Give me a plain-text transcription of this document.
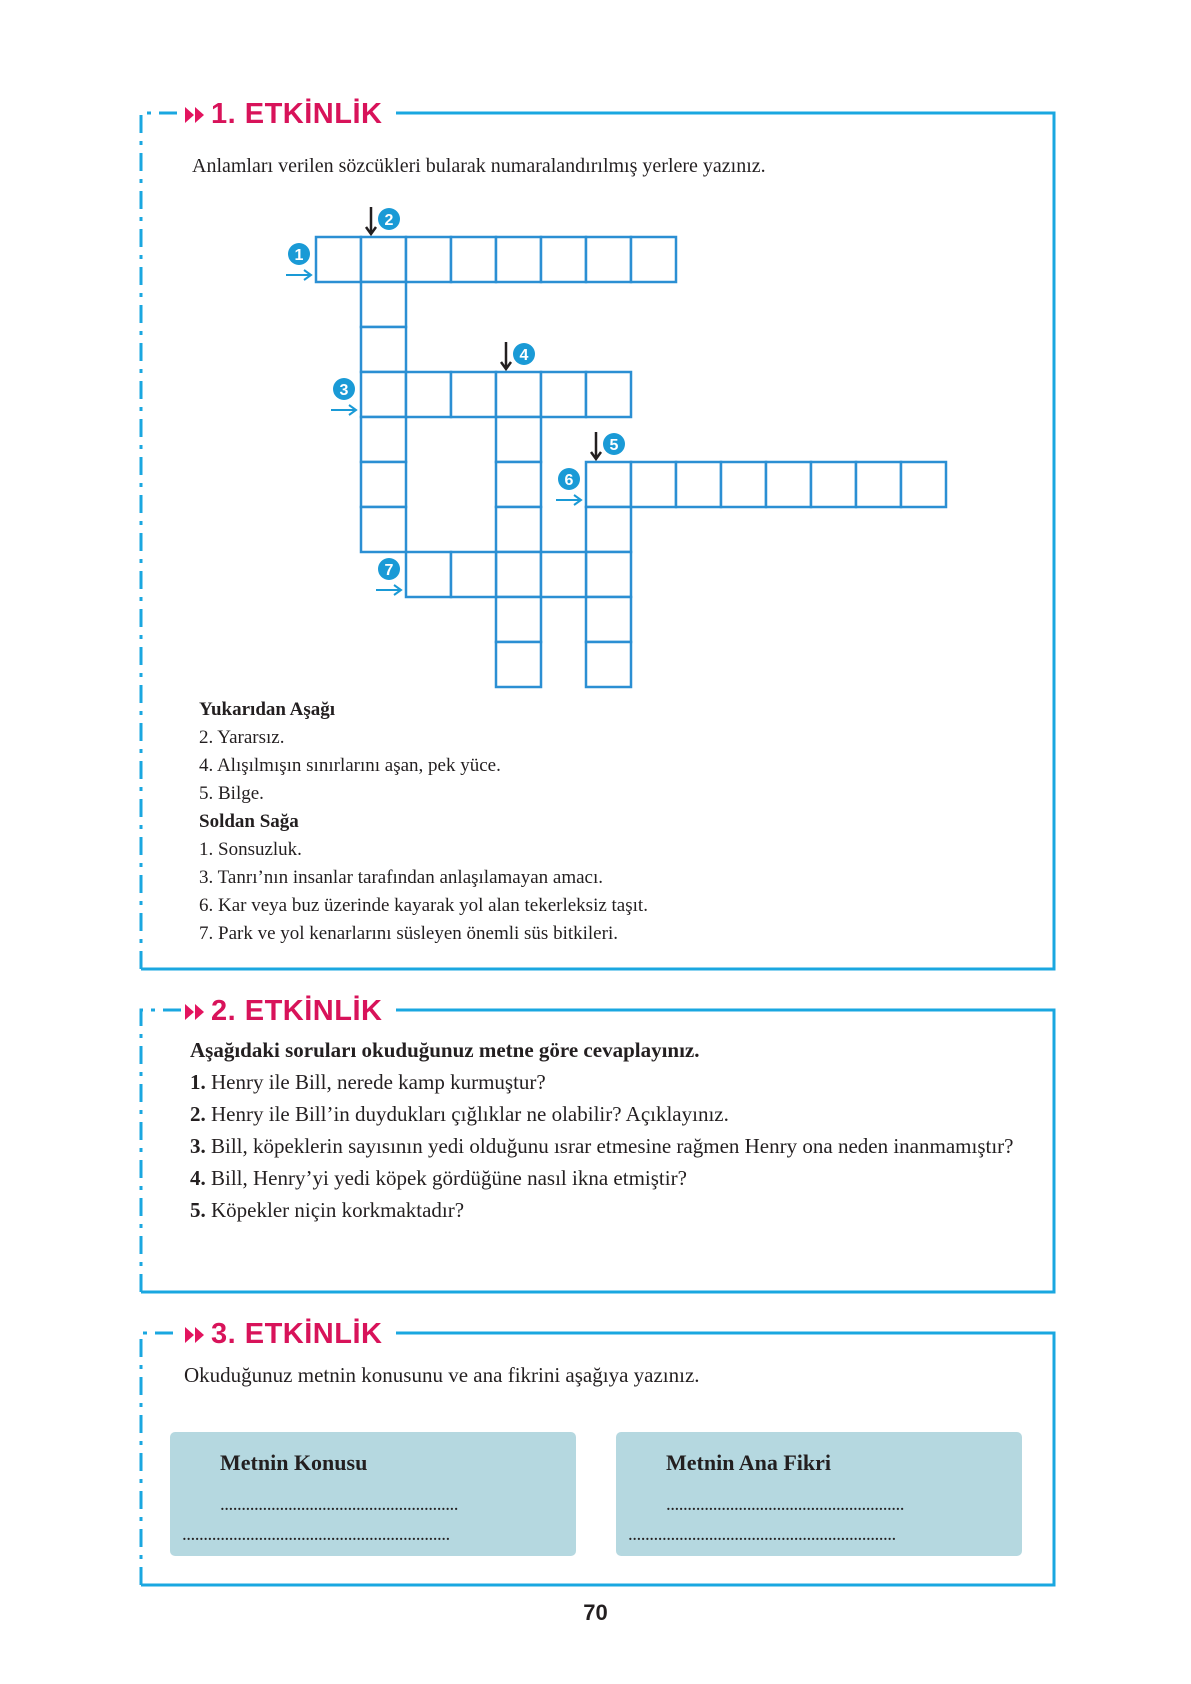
1. ETKİNLİK
Anlamları verilen sözcükleri bularak numaralandırılmış yerlere yazınız.
1
3
6
7
2
4
5
Yukarıdan Aşağı
2. Yararsız.
4. Alışılmışın sınırlarını aşan, pek yüce.
5. Bilge.
Soldan Sağa
1. Sonsuzluk.
3. Tanrı’nın insanlar tarafından anlaşılamayan amacı.
6. Kar veya buz üzerinde kayarak yol alan tekerleksiz taşıt.
7. Park ve yol kenarlarını süsleyen önemli süs bitkileri.
2. ETKİNLİK

Aşağıdaki soruları okuduğunuz metne göre cevaplayınız.

1. Henry ile Bill, nerede kamp kurmuştur?

2. Henry ile Bill’in duydukları çığlıklar ne olabilir? Açıklayınız.

3. Bill, köpeklerin sayısının yedi olduğunu ısrar etmesine rağmen Henry ona neden inanmamıştır?

4. Bill, Henry’yi yedi köpek gördüğüne nasıl ikna etmiştir?

5. Köpekler niçin korkmaktadır?

3. ETKİNLİK
Okuduğunuz metnin konusunu ve ana fikrini aşağıya yazınız.
Metnin Konusu
........................................................
...............................................................
Metnin Ana Fikri
........................................................
...............................................................
70
